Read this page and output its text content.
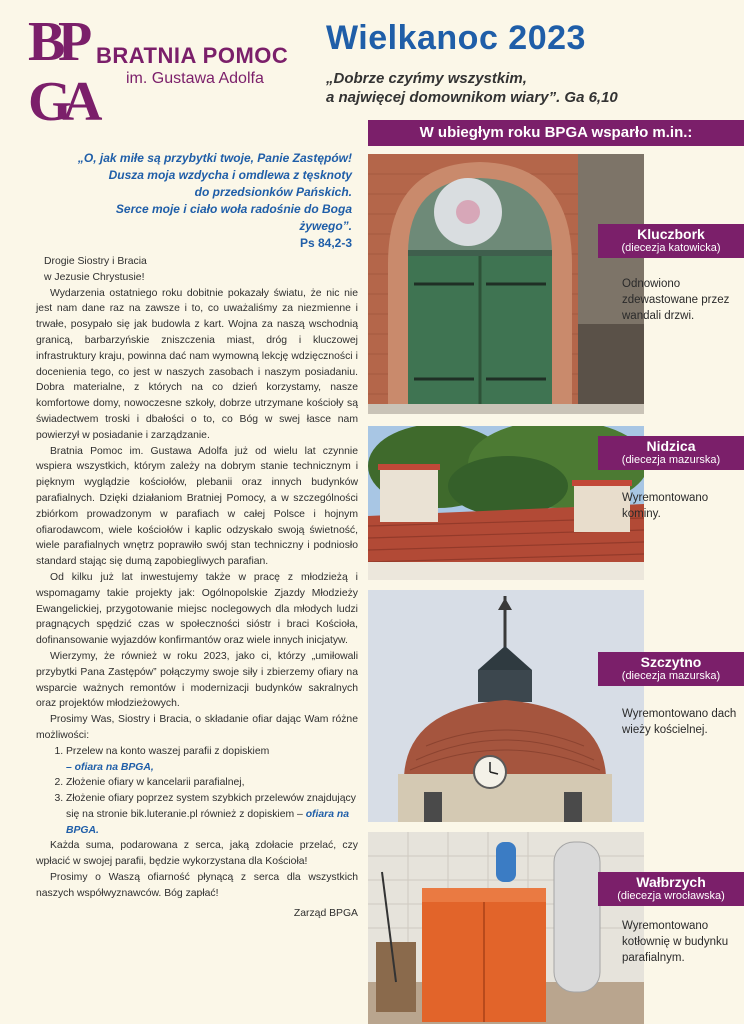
B
P
G
A
BRATNIA POMOC
im. Gustawa Adolfa
Wielkanoc 2023
„Dobrze czyńmy wszystkim,
a najwięcej domownikom wiary”. Ga 6,10
W ubiegłym roku BPGA wsparło m.in.:
„O, jak miłe są przybytki twoje, Panie Zastępów!
Dusza moja wzdycha i omdlewa z tęsknoty
do przedsionków Pańskich.
Serce moje i ciało woła radośnie do Boga żywego”.
Ps 84,2-3

Drogie Siostry i Bracia

w Jezusie Chrystusie!

Wydarzenia ostatniego roku dobitnie pokazały światu, że nic nie jest nam dane raz na zawsze i to, co uważaliśmy za niezmienne i trwałe, posypało się jak budowla z kart. Wojna za naszą wschodnią granicą, barbarzyńskie zniszczenia miast, dróg i kluczowej infrastruktury kraju, powinna dać nam wymowną lekcję wdzięczności i docenienia tego, co jest w naszych zasobach i naszym posiadaniu. Dobra materialne, z których na co dzień korzystamy, nasze komfortowe domy, nowoczesne szkoły, dobrze utrzymane kościoły są świadectwem troski i dbałości o to, co Bóg w swej łasce nam powierzył w posiadanie i zarządzanie.

Bratnia Pomoc im. Gustawa Adolfa już od wielu lat czynnie wspiera wszystkich, którym zależy na dobrym stanie technicznym i pięknym wyglądzie kościołów, plebanii oraz innych budynków parafialnych. Dzięki działaniom Bratniej Pomocy, a w szczególności zbiórkom prowadzonym w parafiach w całej Polsce i hojnym ofiarodawcom, wiele kościołów i kaplic odzyskało swoją świetność, wiele parafialnych wnętrz poprawiło swój stan techniczny i podniosło standard stając się dumą zapobiegliwych parafian.

Od kilku już lat inwestujemy także w pracę z młodzieżą i wspomagamy takie projekty jak: Ogólnopolskie Zjazdy Młodzieży Ewangelickiej, przygotowanie miejsc noclegowych dla młodych ludzi pragnących spędzić czas w społeczności sióstr i braci Kościoła, dofinansowanie wyjazdów konfirmantów oraz wiele innych inicjatyw.

Wierzymy, że również w roku 2023, jako ci, którzy „umiłowali przybytki Pana Zastępów” połączymy swoje siły i zbierzemy ofiary na wsparcie ważnych remontów i modernizacji budynków sakralnych oraz projektów młodzieżowych.

Prosimy Was, Siostry i Bracia, o składanie ofiar dając Wam różne możliwości:

1. Przelew na konto waszej parafii z dopiskiem
– ofiara na BPGA,
2. Złożenie ofiary w kancelarii parafialnej,
3. Złożenie ofiary poprzez system szybkich przelewów znajdujący się na stronie bik.luteranie.pl również z dopiskiem – ofiara na BPGA.

Każda suma, podarowana z serca, jaką zdołacie przelać, czy wpłacić w swojej parafii, będzie wykorzystana dla Kościoła!

Prosimy o Waszą ofiarność płynącą z serca dla wszystkich naszych współwyznawców. Bóg zapłać!

Zarząd BPGA

Kluczbork
(diecezja katowicka)
Odnowiono zdewastowane przez wandali drzwi.
Nidzica
(diecezja mazurska)
Wyremontowano kominy.
Szczytno
(diecezja mazurska)
Wyremontowano dach wieży kościelnej.
Wałbrzych
(diecezja wrocławska)
Wyremontowano kotłownię w budynku parafialnym.
